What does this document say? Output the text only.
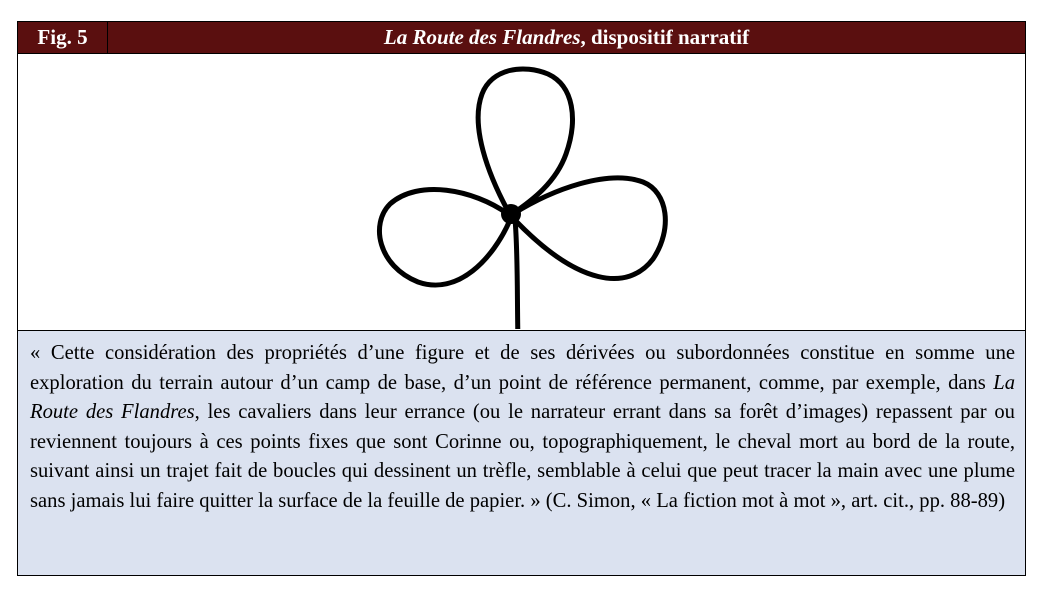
Fig. 5	La Route des Flandres , dispositif narratif
« Cette considération des propriétés d’une figure et de ses dérivées ou subordonnées constitue en somme une exploration du terrain autour d’un camp de base, d’un point de référence permanent, comme, par exemple, dans La Route des Flandres, les cavaliers dans leur errance (ou le narrateur errant dans sa forêt d’images) repassent par ou reviennent toujours à ces points fixes que sont Corinne ou, topographiquement, le cheval mort au bord de la route, suivant ainsi un trajet fait de boucles qui dessinent un trèfle, semblable à celui que peut tracer la main avec une plume sans jamais lui faire quitter la surface de la feuille de papier. » (C. Simon, « La fiction mot à mot », art. cit., pp. 88-89)
